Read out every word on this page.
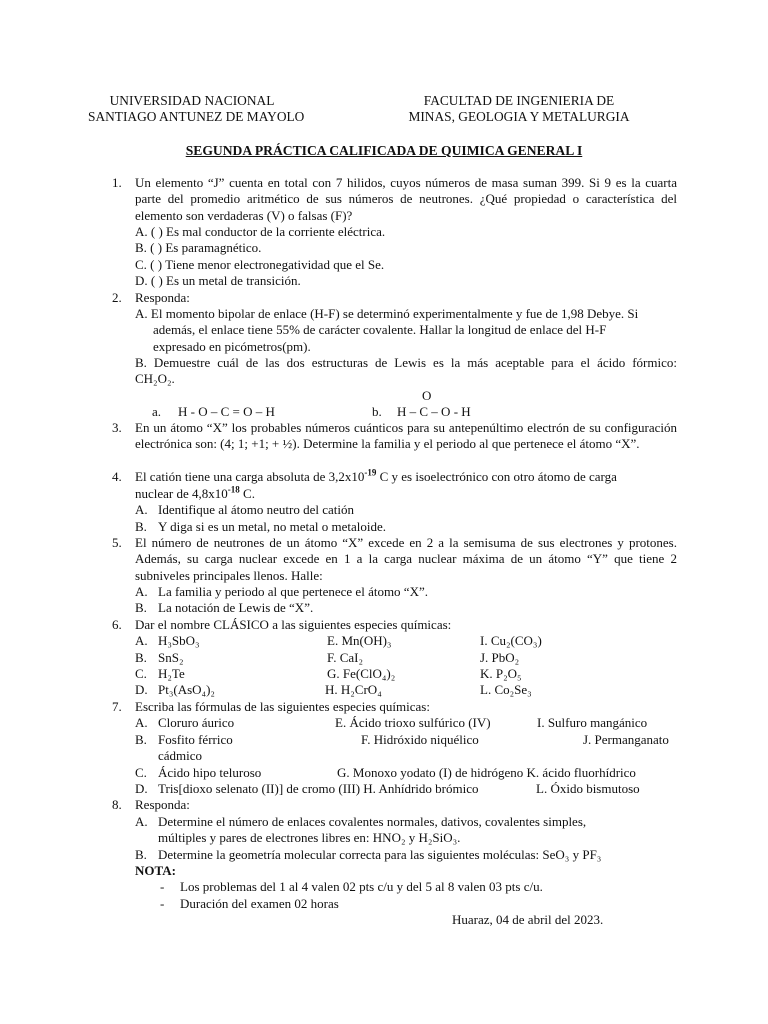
UNIVERSIDAD NACIONAL
SANTIAGO ANTUNEZ DE MAYOLO
FACULTAD DE INGENIERIA DE
MINAS, GEOLOGIA Y METALURGIA
SEGUNDA PRÁCTICA CALIFICADA DE QUIMICA GENERAL I
1. Un elemento “J” cuenta en total con 7 hilidos, cuyos números de masa suman 399. Si 9 es la cuarta parte del promedio aritmético de sus números de neutrones. ¿Qué propiedad o característica del elemento son verdaderas (V) o falsas (F)?
A. ( ) Es mal conductor de la corriente eléctrica.
B. ( ) Es paramagnético.
C. ( ) Tiene menor electronegatividad que el Se.
D. ( ) Es un metal de transición.
2. Responda:
A. El momento bipolar de enlace (H-F) se determinó experimentalmente y fue de 1,98 Debye. Si
además, el enlace tiene 55% de carácter covalente. Hallar la longitud de enlace del H-F
expresado en picómetros(pm).
B. Demuestre cuál de las dos estructuras de Lewis es la más aceptable para el ácido fórmico:
CH₂O₂.
O
a. H - O – C = O – H	b. H – C – O - H
3. En un átomo “X” los probables números cuánticos para su antepenúltimo electrón de su configuración electrónica son: (4; 1; +1; + ½). Determine la familia y el periodo al que pertenece el átomo “X”.
4. El catión tiene una carga absoluta de $3,2x10^{-19}$ C y es isoelectrónico con otro átomo de carga
nuclear de $4,8x10^{-18}$ C.
A. Identifique al átomo neutro del catión
B. Y diga si es un metal, no metal o metaloide.
5. El número de neutrones de un átomo “X” excede en 2 a la semisuma de sus electrones y protones. Además, su carga nuclear excede en 1 a la carga nuclear máxima de un átomo “Y” que tiene 2 subniveles principales llenos. Halle:
A. La familia y periodo al que pertenece el átomo “X”.
B. La notación de Lewis de “X”.
6. Dar el nombre CLÁSICO a las siguientes especies químicas:
A. H₃SbO₃	E. Mn(OH)₃	I. Cu₂(CO₃)
B. SnS₂	F. CaI₂	J. PbO₂
C. H₂Te	G. Fe(ClO₄)₂	K. P₂O₅
D. Pt₃(AsO₄)₂	H. H₂CrO₄	L. Co₂Se₃
7. Escriba las fórmulas de las siguientes especies químicas:
A. Cloruro áurico	E. Ácido trioxo sulfúrico (IV)	I. Sulfuro mangánico
B. Fosfito férrico	F. Hidróxido niquélico	J. Permanganato
cádmico
C. Ácido hipo teluroso	G. Monoxo yodato (I) de hidrógeno K. ácido fluorhídrico
D. Tris[dioxo selenato (II)] de cromo (III) H. Anhídrido brómico	L. Óxido bismutoso
8. Responda:
A. Determine el número de enlaces covalentes normales, dativos, covalentes simples,
múltiples y pares de electrones libres en: HNO₂ y H₂SiO₃.
B. Determine la geometría molecular correcta para las siguientes moléculas: SeO₃ y PF₃
NOTA:
- Los problemas del 1 al 4 valen 02 pts c/u y del 5 al 8 valen 03 pts c/u.
- Duración del examen 02 horas
Huaraz, 04 de abril del 2023.
